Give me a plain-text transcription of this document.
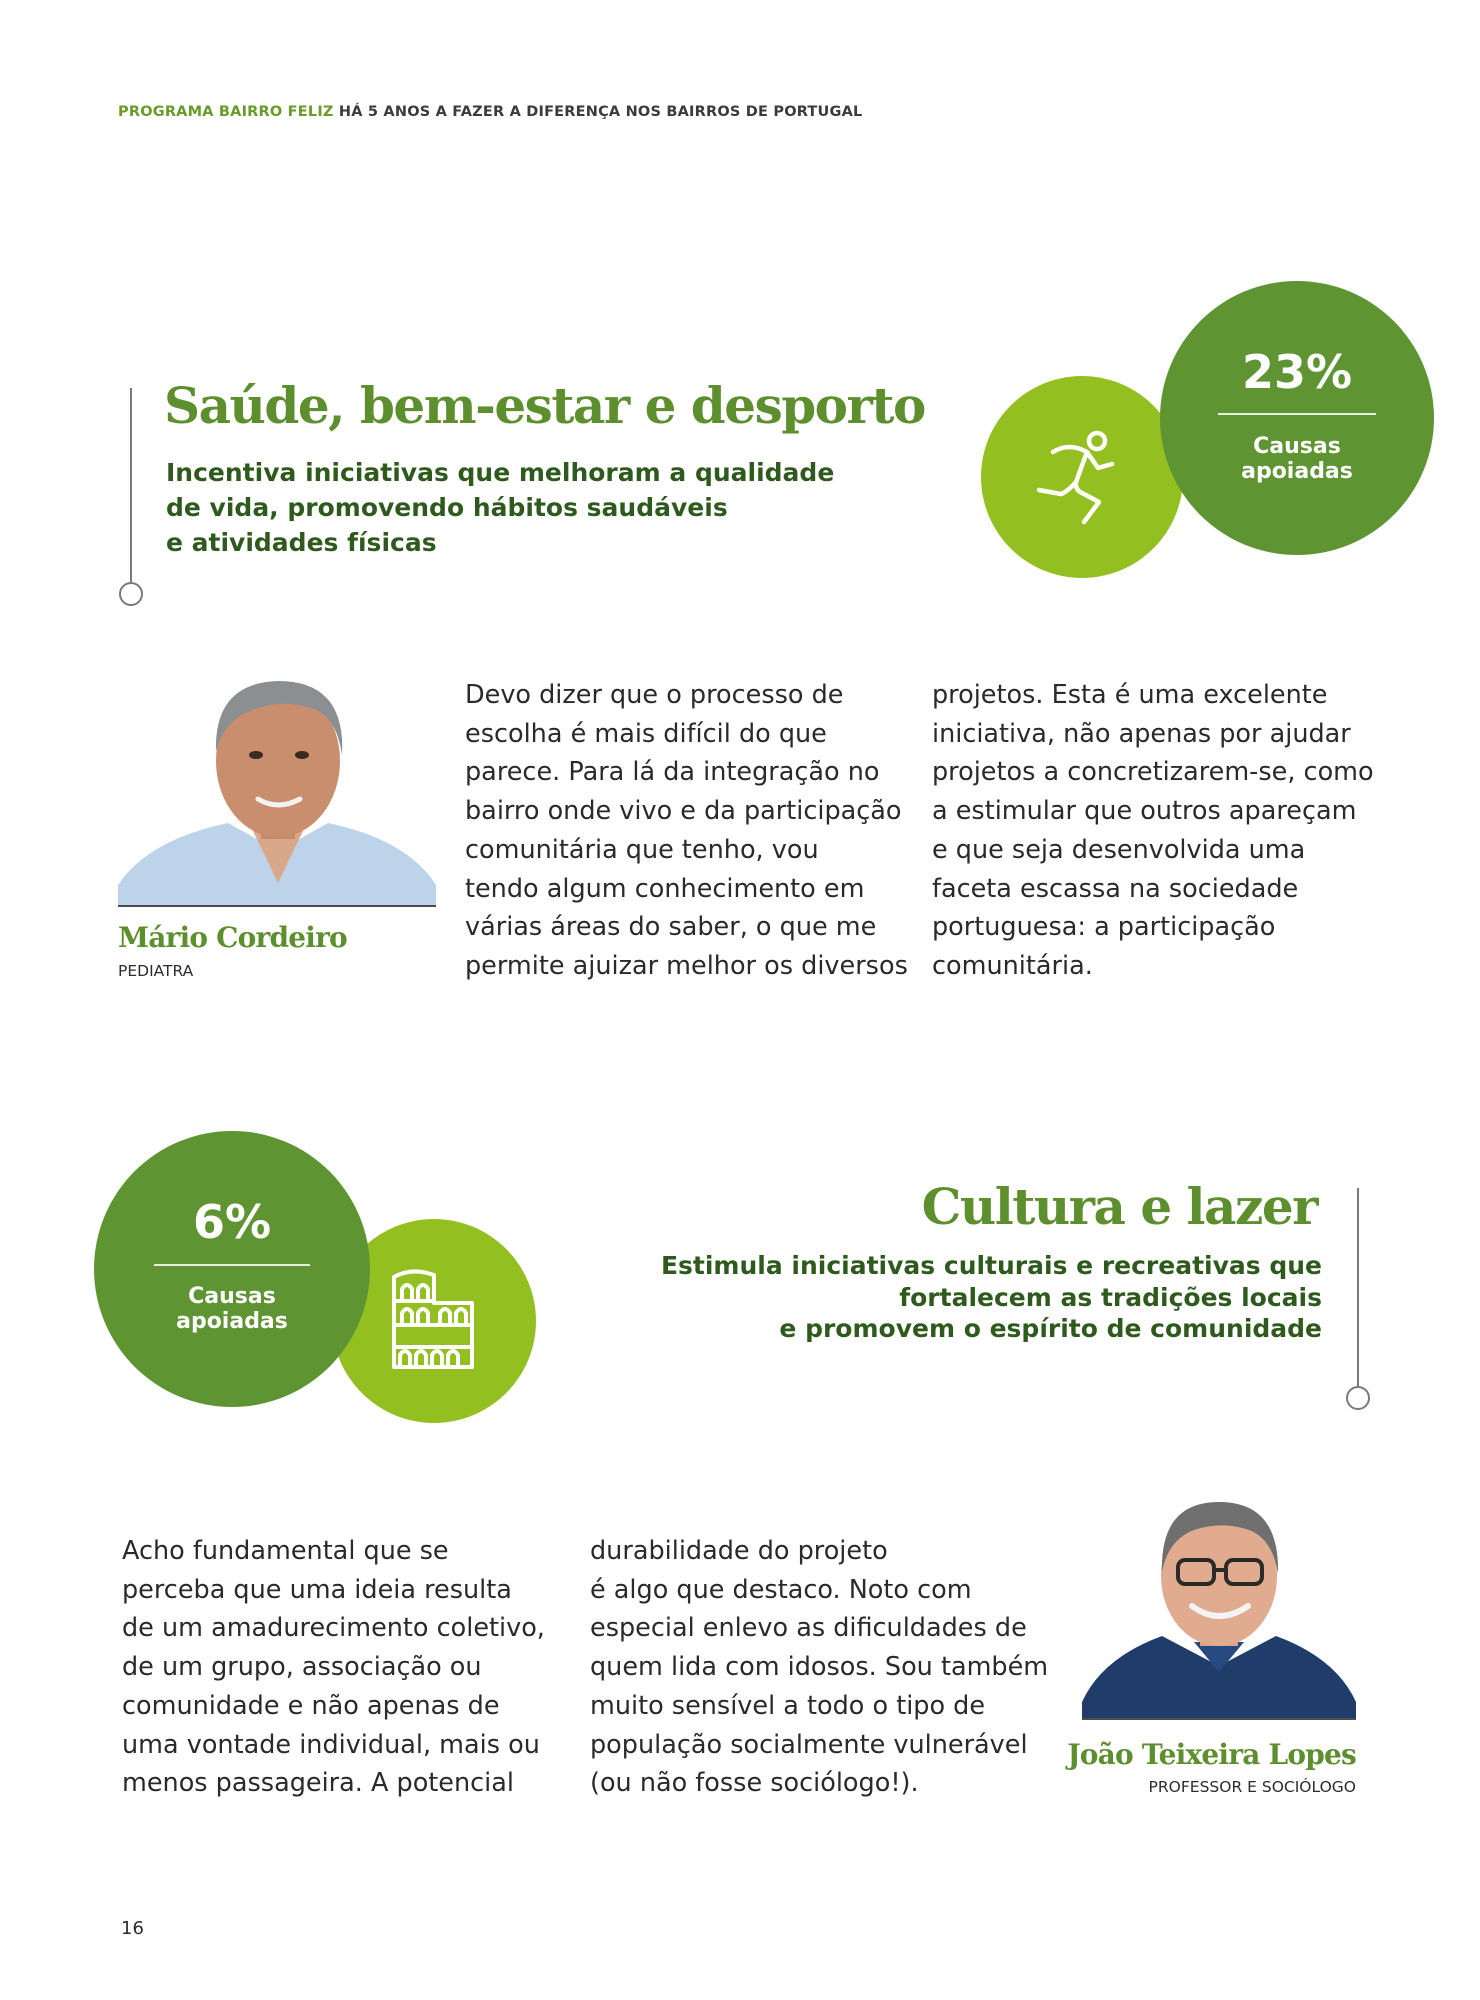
PROGRAMA BAIRRO FELIZ HÁ 5 ANOS A FAZER A DIFERENÇA NOS BAIRROS DE PORTUGAL
Saúde, bem-estar e desporto
Incentiva iniciativas que melhoram a qualidade
de vida, promovendo hábitos saudáveis
e atividades físicas
23%
Causas
apoiadas
Mário Cordeiro
PEDIATRA
Devo dizer que o processo de
escolha é mais difícil do que
parece. Para lá da integração no
bairro onde vivo e da participação
comunitária que tenho, vou
tendo algum conhecimento em
várias áreas do saber, o que me
permite ajuizar melhor os diversos
projetos. Esta é uma excelente
iniciativa, não apenas por ajudar
projetos a concretizarem-se, como
a estimular que outros apareçam
e que seja desenvolvida uma
faceta escassa na sociedade
portuguesa: a participação
comunitária.
6%
Causas
apoiadas
Cultura e lazer
Estimula iniciativas culturais e recreativas que
fortalecem as tradições locais
e promovem o espírito de comunidade
Acho fundamental que se
perceba que uma ideia resulta
de um amadurecimento coletivo,
de um grupo, associação ou
comunidade e não apenas de
uma vontade individual, mais ou
menos passageira. A potencial
durabilidade do projeto
é algo que destaco. Noto com
especial enlevo as dificuldades de
quem lida com idosos. Sou também
muito sensível a todo o tipo de
população socialmente vulnerável
(ou não fosse sociólogo!).
João Teixeira Lopes
PROFESSOR E SOCIÓLOGO
16
